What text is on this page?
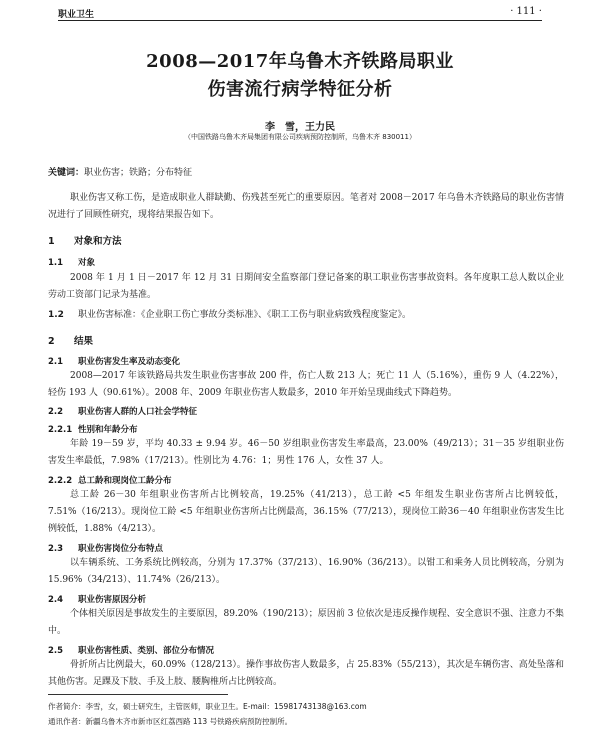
职业卫生	· 111 ·
2008—2017年乌鲁木齐铁路局职业
伤害流行病学特征分析
李　雪，王力民
（中国铁路乌鲁木齐局集团有限公司疾病预防控制所，乌鲁木齐 830011）
关键词：职业伤害；铁路；分布特征
职业伤害又称工伤，是造成职业人群缺勤、伤残甚至死亡的重要原因。笔者对 2008－2017 年乌鲁木齐铁路局的职业伤害情况进行了回顾性研究，现将结果报告如下。
1 对象和方法
1.1 对象
2008 年 1 月 1 日－2017 年 12 月 31 日期间安全监察部门登记备案的职工职业伤害事故资料。各年度职工总人数以企业劳动工资部门记录为基准。
1.2 职业伤害标准：《企业职工伤亡事故分类标准》、《职工工伤与职业病致残程度鉴定》。
2 结果
2.1 职业伤害发生率及动态变化
2008—2017 年该铁路局共发生职业伤害事故 200 件，伤亡人数 213 人；死亡 11 人（5.16%），重伤 9 人（4.22%），轻伤 193 人（90.61%）。2008 年、2009 年职业伤害人数最多，2010 年开始呈现曲线式下降趋势。
2.2 职业伤害人群的人口社会学特征
2.2.1 性别和年龄分布
年龄 19－59 岁，平均 40.33 ± 9.94 岁。46－50 岁组职业伤害发生率最高，23.00%（49/213）；31－35 岁组职业伤害发生率最低，7.98%（17/213）。性别比为 4.76：1；男性 176 人，女性 37 人。
2.2.2 总工龄和现岗位工龄分布
总工龄 26－30 年组职业伤害所占比例较高，19.25%（41/213），总工龄 <5 年组发生职业伤害所占比例较低，7.51%（16/213）。现岗位工龄 <5 年组职业伤害所占比例最高，36.15%（77/213），现岗位工龄36－40 年组职业伤害发生比例较低，1.88%（4/213）。
2.3 职业伤害岗位分布特点
以车辆系统、工务系统比例较高，分别为 17.37%（37/213）、16.90%（36/213）。以钳工和乘务人员比例较高，分别为 15.96%（34/213）、11.74%（26/213）。
2.4 职业伤害原因分析
个体相关原因是事故发生的主要原因，89.20%（190/213）；原因前 3 位依次是违反操作规程、安全意识不强、注意力不集中。
2.5 职业伤害性质、类别、部位分布情况
骨折所占比例最大，60.09%（128/213）。操作事故伤害人数最多，占 25.83%（55/213），其次是车辆伤害、高处坠落和其他伤害。足踝及下肢、手及上肢、腰胸椎所占比例较高。
作者简介：李雪，女，硕士研究生，主管医师，职业卫生。E-mail：15981743138@163.com
通讯作者：新疆乌鲁木齐市新市区红荔西路 113 号铁路疾病预防控制所。
